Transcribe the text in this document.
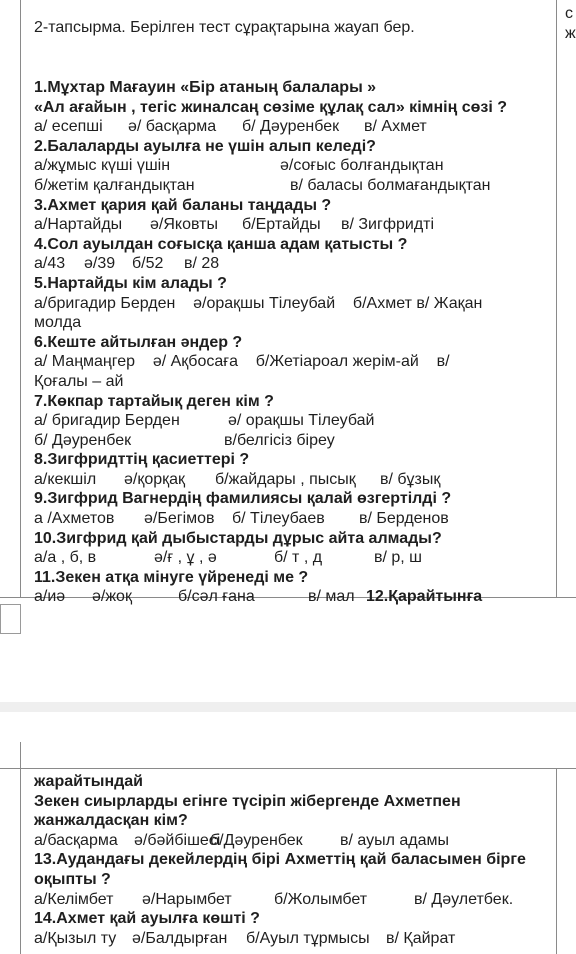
с
ж
2-тапсырма. Берілген тест сұрақтарына жауап бер.
1.Мұхтар Мағауин «Бір атаның балалары »
«Ал ағайын , тегіс жиналсаң сөзіме құлақ сал» кімнің сөзі ?
а/ есепші ә/ басқарма б/ Дәуренбек в/ Ахмет
2.Балаларды ауылға не үшін алып келеді?
а/жұмыс күші үшін	ә/соғыс болғандықтан
б/жетім қалғандықтан	в/ баласы болмағандықтан
3.Ахмет қария қай баланы таңдады ?
а/Нартайды ә/Яковты б/Ертайды в/ Зигфридті
4.Сол ауылдан соғысқа қанша адам қатысты ?
а/43 ә/39 б/52 в/ 28
5.Нартайды кім алады ?
а/бригадир Берден    ә/орақшы Тілеубай    б/Ахмет в/ Жақан молда
6.Кеште айтылған әндер ?
а/ Маңмаңгер    ә/ Ақбосаға    б/Жетіароал жерім-ай    в/ Қоғалы – ай
7.Көкпар тартайық деген кім ?
а/ бригадир Берден	ә/ орақшы Тілеубай
б/ Дәуренбек	в/белгісіз біреу
8.Зигфридттің қасиеттері ?
а/кекшіл ә/қорқақ б/жайдары , пысық в/ бұзық
9.Зигфрид Вагнердің фамилиясы қалай өзгертілді ?
а /Ахметов ә/Бегімов б/ Тілеубаев в/ Берденов
10.Зигфрид қай дыбыстарды дұрыс айта алмады?
а/а , б, в	ә/ғ , ұ , ә	б/ т , д	в/ р, ш
11.Зекен атқа мінуге үйренеді ме ?
а/иә ә/жоқ	б/сәл ғана	в/ мал 12.Қарайтынға
жарайтындай
Зекен сиырларды егінге түсіріп жібергенде Ахметпен жанжалдасқан кім?
а/басқарма ә/бәйбішесі
б/Дәуренбек в/ ауыл адамы
13.Аудандағы декейлердің бірі Ахметтің қай баласымен бірге оқыпты ?
а/Келімбет ә/Нарымбет	б/Жолымбет	в/ Дәулетбек.
14.Ахмет қай ауылға көшті ?
а/Қызыл ту ә/Балдырған б/Ауыл тұрмысы в/ Қайрат
